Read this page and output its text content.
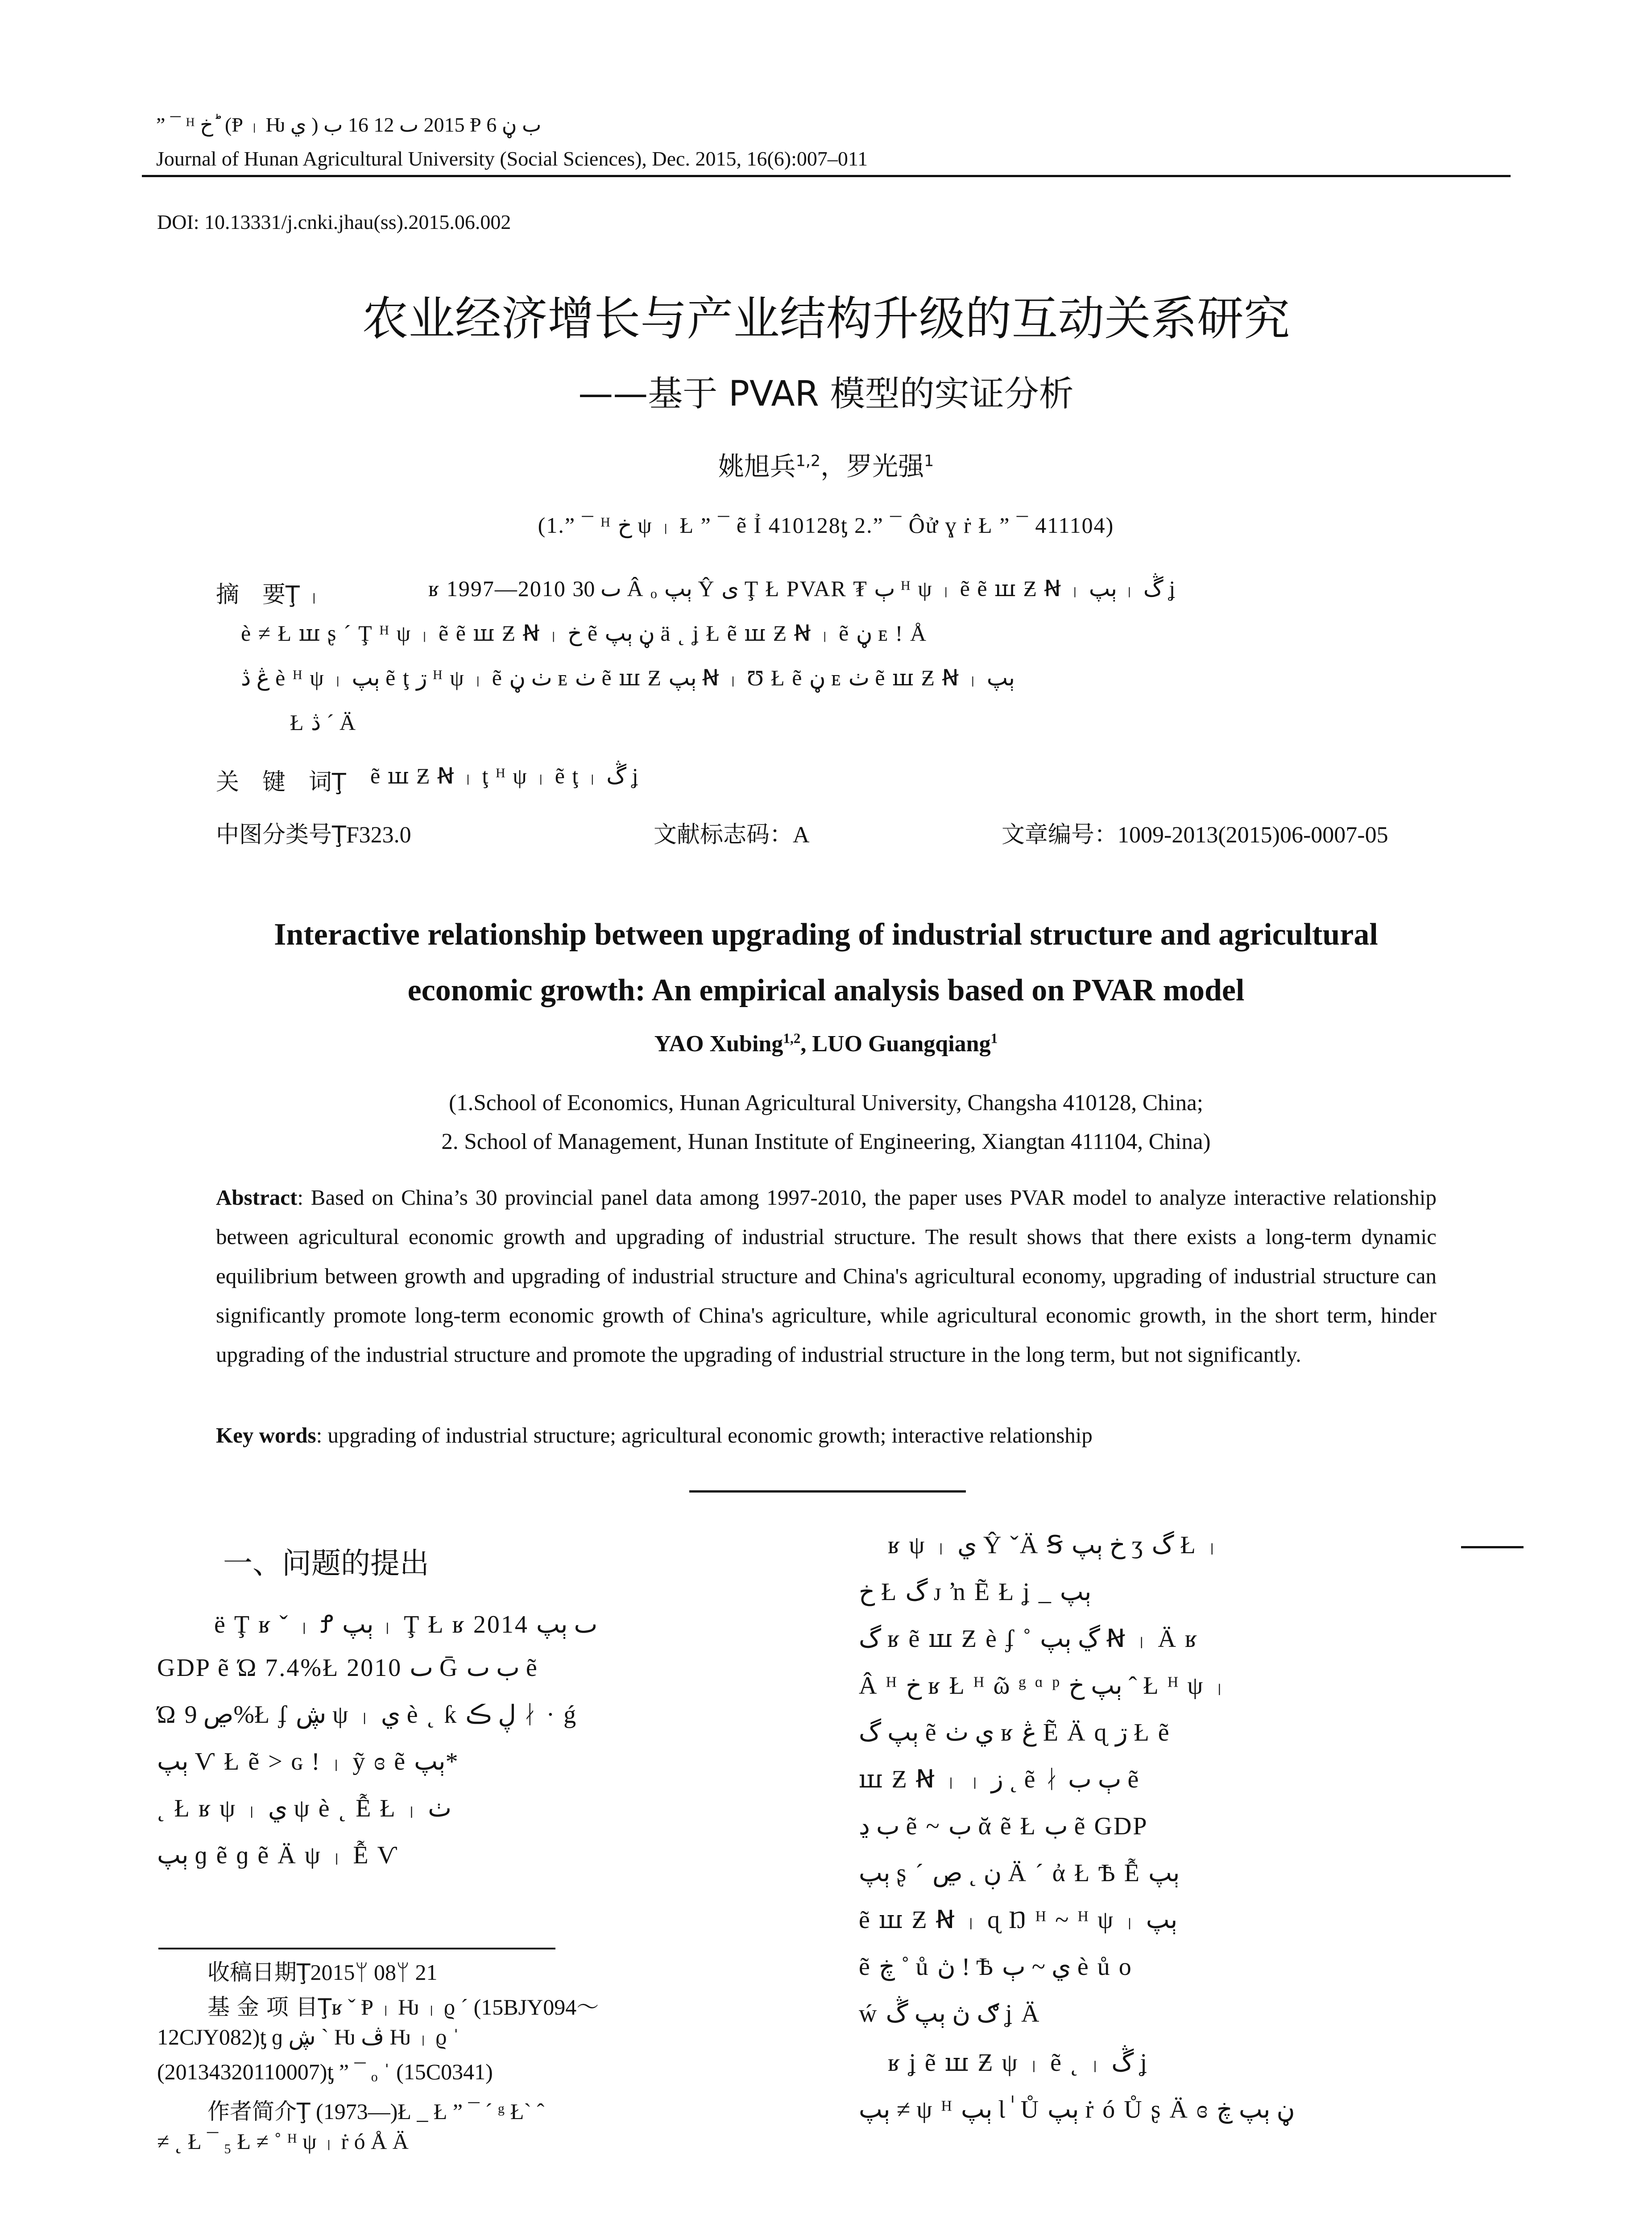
” ¯ ᴴ خ ؕ (Ᵽ ᛧ Ƕ ي ) 2015 ٮ 12 16 ب Ᵽ 6 ب ڼ
Journal of Hunan Agricultural University (Social Sciences), Dec. 2015, 16(6):007–011
DOI: 10.13331/j.cnki.jhau(ss).2015.06.002
农业经济增长与产业结构升级的互动关系研究
——基于 PVAR 模型的实证分析
姚旭兵$^{1,2}$，罗光强$^1$
(1.” ¯ ᴴ خ ψ ᛧ Ł ” ¯ ẽ Ỉ 410128ƫ 2.” ¯ Ôử ɣ ṙ Ł ” ¯ 411104)
摘　要Ţ ᛧ	ʁ 1997—2010 ٮ 30 Â ₒ ٻپ Ŷ ى Ţ Ł PVAR ₮ ٻ ᴴ ψ ᛧ ẽ ẽ ꟺ Ƶ Ꞥ ᛧ ٻپ ᛧ ڴ ʝ
è ≠ Ł ꟺ ʂ ´ Ţ ᴴ ψ ᛧ ẽ ẽ ꟺ Ƶ Ꞥ ᛧ خ ẽ ڼ ٻپ ä ˛ ʝ Ł ẽ ꟺ Ƶ Ꞥ ᛧ ẽ ڼ ᴇ ! Å
ڠ ڎ è ᴴ ψ ᛧ ٻپ ẽ ţ ڗ ᴴ ψ ᛧ ẽ ٺ ڼ ᴇ ٺ ẽ ꟺ Ƶ ٻپ Ꞥ ᛧ Ʊ Ł ẽ ڼ ᴇ ٺ ẽ ꟺ Ƶ Ꞥ ᛧ ٻپ
Ł ڎ ´ Ä
关　键　词Ţ ẽ ꟺ Ƶ Ꞥ ᛧ ţ ᴴ ψ ᛧ ẽ ţ ᛧ ڴ ʝ
中图分类号ŢF323.0	文献标志码：A	文章编号：1009-2013(2015)06-0007-05
Interactive relationship between upgrading of industrial structure and agricultural
economic growth: An empirical analysis based on PVAR model
YAO Xubing$^{1,2}$, LUO Guangqiang$^1$
(1.School of Economics, Hunan Agricultural University, Changsha 410128, China;
2. School of Management, Hunan Institute of Engineering, Xiangtan 411104, China)
Abstract: Based on China’s 30 provincial panel data among 1997-2010, the paper uses PVAR model to analyze interactive relationship between agricultural economic growth and upgrading of industrial structure. The result shows that there exists a long-term dynamic equilibrium between growth and upgrading of industrial structure and China's agricultural economy, upgrading of industrial structure can significantly promote long-term economic growth of China's agriculture, while agricultural economic growth, in the short term, hinder upgrading of the industrial structure and promote the upgrading of industrial structure in the long term, but not significantly.
Key words: upgrading of industrial structure; agricultural economic growth; interactive relationship
一、问题的提出
ë Ţ ʁ ˇ ᛧ Ꝭ ٻپ ᛧ Ţ Ł ʁ 2014 ٮ ٻپ
GDP ẽ Ώ 7.4%Ł 2010 ٮ Ḡ ب ٮ ẽ
Ώ ڝ 9%Ł ʄ ڜ ψ ᛧ ي è ˛ ƙ ڸ ڪ ᛅ · ǵ
ٻپ Ѵ Ł ẽ > ɢ ! ᛧ ỹ ɞ ẽ ٻپ*
˛ Ł ʁ ψ ᛧ ي ψ è ˛ Ễ Ł ᛧ ٺ
ٻپ ɡ ẽ ɡ ẽ Ä ψ ᛧ Ễ Ѵ
收稿日期Ţ2015ᛘ 08ᛘ 21
基 金 项 目Ţʁ ˇ Ᵽ ᛧ Ƕ ᛧ ϱ ´ (15BJY094～
12CJY082)ƫ ɡ ڜ ˋ Ƕ ڤ Ƕ ᛧ ϱ ˈ
(20134320110007)ƫ ” ¯ ₒ ˈ (15C0341)
作者简介Ţ (1973—)Ł _ Ł ” ¯ ˊ ᵍ Ł` ˆ
≠ ˛ Ł ¯ ₅ Ł ≠ ˚ ᴴ ψ ᛧ ṙ ó Å Ä
ʁ ψ ᛧ ي Ŷ ˇÄ Ꞩ خ ٻپ ʒ گ Ł ᛧ
خ Ł گ ᴊ ŉ Ẽ Ł ʝ _ ٻپ
گ ʁ ẽ ꟺ Ƶ è ʄ ˚ ڲ ٻپ Ꞥ ᛧ Ä ʁ
Â ᴴ خ ʁ Ł ᴴ ῶ ᵍ ᵅ ᵖ ٻپ خ ˆ Ł ᴴ ψ ᛧ
ٻپ گ ẽ ي ٺ ʁ ڠ Ẽ Ä ɋ ڗ Ł ẽ
ꟺ Ƶ Ꞥ ᛧ ᛧ ز ˛ ẽ ᛅ ٻ ب ẽ
ب ڍ ẽ ~ ب ᾰ ẽ Ł ب ẽ GDP
ٻپ ʂ ˊ ڹ ˛ ڝ Ä ˊ ἀ Ł Ѣ Ễ ٻپ
ẽ ꟺ Ƶ Ꞥ ᛧ ɋ Ŋ ᴴ ~ ᴴ ψ ᛧ ٻپ
ẽ ڿ ˚ ů ڽ ! Ѣ ي ~ ٻ è ů o
ẃ ګ ڽ ٻپ ڴ ʝ Ä
ʁ ʝ ẽ ꟺ Ƶ ψ ᛧ ẽ ˛ ᛧ ڴ ʝ
ٻپ ≠ ψ ᴴ ٻپ Ɩ ٰ Ů ٻپ ṙ ó Ů ʂ Ä ɞ ڼ ٻپ ڿ
